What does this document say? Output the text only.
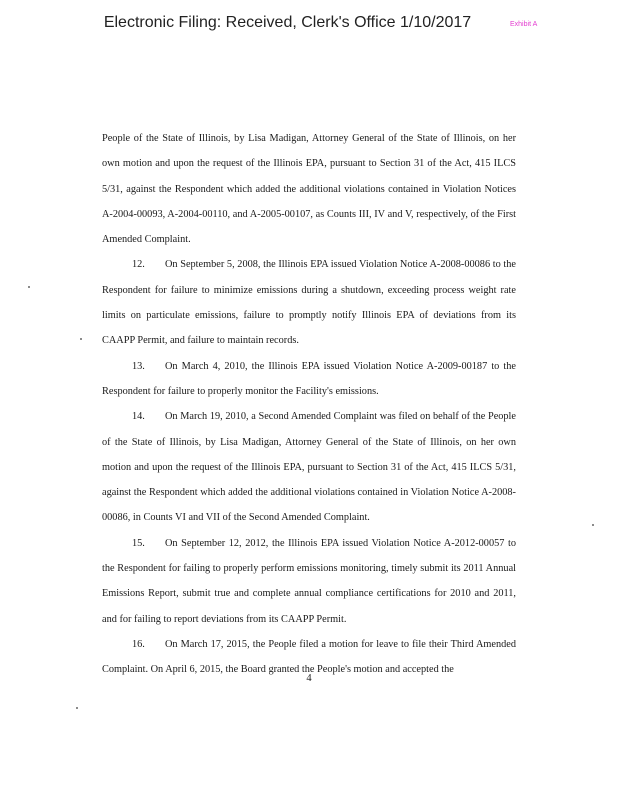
Electronic Filing: Received, Clerk's Office 1/10/2017	Exhibit A

People of the State of Illinois, by Lisa Madigan, Attorney General of the State of Illinois, on her own motion and upon the request of the Illinois EPA, pursuant to Section 31 of the Act, 415 ILCS 5/31, against the Respondent which added the additional violations contained in Violation Notices A-2004-00093, A-2004-00110, and A-2005-00107, as Counts III, IV and V, respectively, of the First Amended Complaint.

12. On September 5, 2008, the Illinois EPA issued Violation Notice A-2008-00086 to the Respondent for failure to minimize emissions during a shutdown, exceeding process weight rate limits on particulate emissions, failure to promptly notify Illinois EPA of deviations from its CAAPP Permit, and failure to maintain records.

13. On March 4, 2010, the Illinois EPA issued Violation Notice A-2009-00187 to the Respondent for failure to properly monitor the Facility's emissions.

14. On March 19, 2010, a Second Amended Complaint was filed on behalf of the People of the State of Illinois, by Lisa Madigan, Attorney General of the State of Illinois, on her own motion and upon the request of the Illinois EPA, pursuant to Section 31 of the Act, 415 ILCS 5/31, against the Respondent which added the additional violations contained in Violation Notice A-2008-00086, in Counts VI and VII of the Second Amended Complaint.

15. On September 12, 2012, the Illinois EPA issued Violation Notice A-2012-00057 to the Respondent for failing to properly perform emissions monitoring, timely submit its 2011 Annual Emissions Report, submit true and complete annual compliance certifications for 2010 and 2011, and for failing to report deviations from its CAAPP Permit.

16. On March 17, 2015, the People filed a motion for leave to file their Third Amended Complaint. On April 6, 2015, the Board granted the People's motion and accepted the

4
